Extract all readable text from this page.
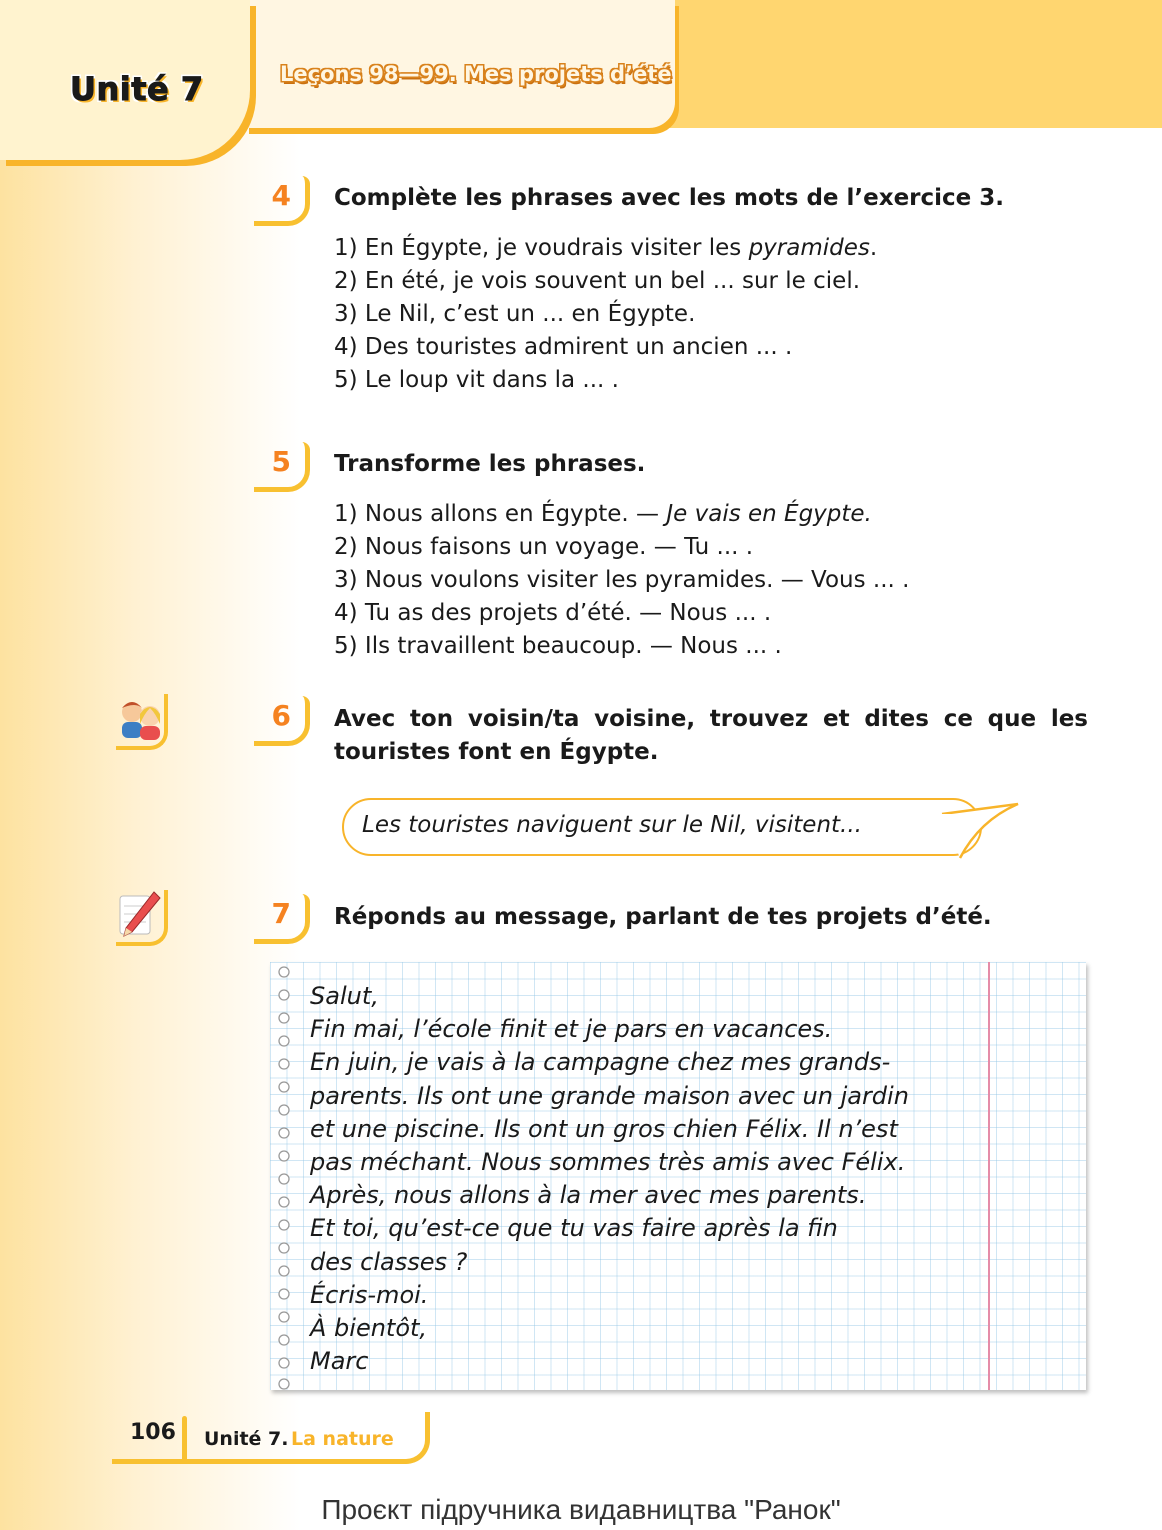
Unité 7	Leçons 98—99. Mes projets d’été
4	Complète les phrases avec les mots de l’exercice 3.
1) En Égypte, je voudrais visiter les pyramides.
2) En été, je vois souvent un bel ... sur le ciel.
3) Le Nil, c’est un ... en Égypte.
4) Des touristes admirent un ancien ... .
5) Le loup vit dans la ... .
5	Transforme les phrases.
1) Nous allons en Égypte. — Je vais en Égypte.
2) Nous faisons un voyage. — Tu ... .
3) Nous voulons visiter les pyramides. — Vous ... .
4) Tu as des projets d’été. — Nous ... .
5) Ils travaillent beaucoup. — Nous ... .
6	Avec ton voisin/ta voisine, trouvez et dites ce que les
touristes font en Égypte.
Les touristes naviguent sur le Nil, visitent...
7	Réponds au message, parlant de tes projets d’été.
Salut,
Fin mai, l’école finit et je pars en vacances.
En juin, je vais à la campagne chez mes grands-
parents. Ils ont une grande maison avec un jardin
et une piscine. Ils ont un gros chien Félix. Il n’est
pas méchant. Nous sommes très amis avec Félix.
Après, nous allons à la mer avec mes parents.
Et toi, qu’est-ce que tu vas faire après la fin
des classes ?
Écris-moi.
À bientôt,
Marc
106 Unité 7. La nature
Проєкт підручника видавництва "Ранок"
